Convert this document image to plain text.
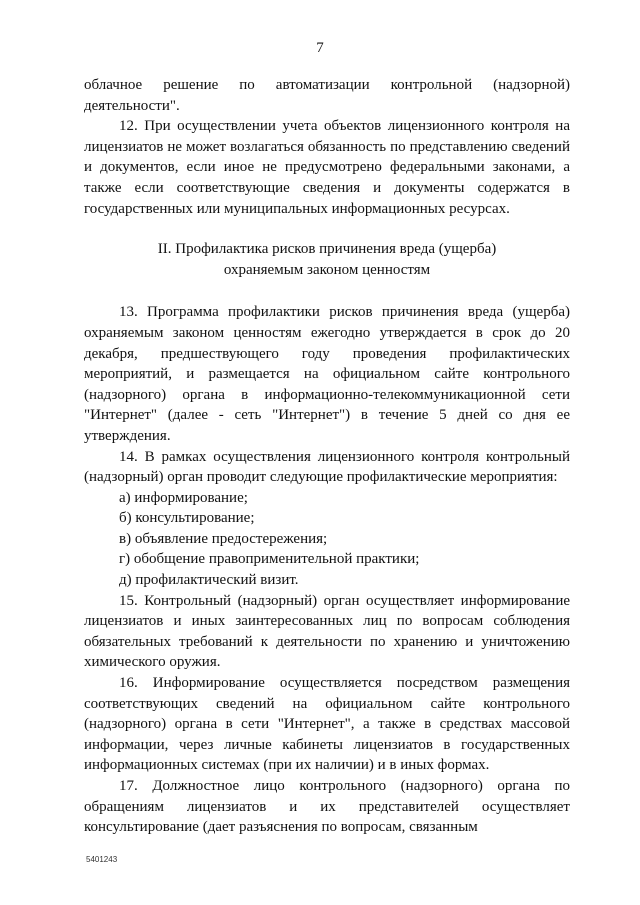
7

облачное решение по автоматизации контрольной (надзорной) деятельности".

12. При осуществлении учета объектов лицензионного контроля на лицензиатов не может возлагаться обязанность по представлению сведений и документов, если иное не предусмотрено федеральными законами, а также если соответствующие сведения и документы содержатся в государственных или муниципальных информационных ресурсах.

II. Профилактика рисков причинения вреда (ущерба)
охраняемым законом ценностям

13. Программа профилактики рисков причинения вреда (ущерба) охраняемым законом ценностям ежегодно утверждается в срок до 20 декабря, предшествующего году проведения профилактических мероприятий, и размещается на официальном сайте контрольного (надзорного) органа в информационно-телекоммуникационной сети "Интернет" (далее - сеть "Интернет") в течение 5 дней со дня ее утверждения.

14. В рамках осуществления лицензионного контроля контрольный (надзорный) орган проводит следующие профилактические мероприятия:

а) информирование;

б) консультирование;

в) объявление предостережения;

г) обобщение правоприменительной практики;

д) профилактический визит.

15. Контрольный (надзорный) орган осуществляет информирование лицензиатов и иных заинтересованных лиц по вопросам соблюдения обязательных требований к деятельности по хранению и уничтожению химического оружия.

16. Информирование осуществляется посредством размещения соответствующих сведений на официальном сайте контрольного (надзорного) органа в сети "Интернет", а также в средствах массовой информации, через личные кабинеты лицензиатов в государственных информационных системах (при их наличии) и в иных формах.

17. Должностное лицо контрольного (надзорного) органа по обращениям лицензиатов и их представителей осуществляет консультирование (дает разъяснения по вопросам, связанным

5401243
